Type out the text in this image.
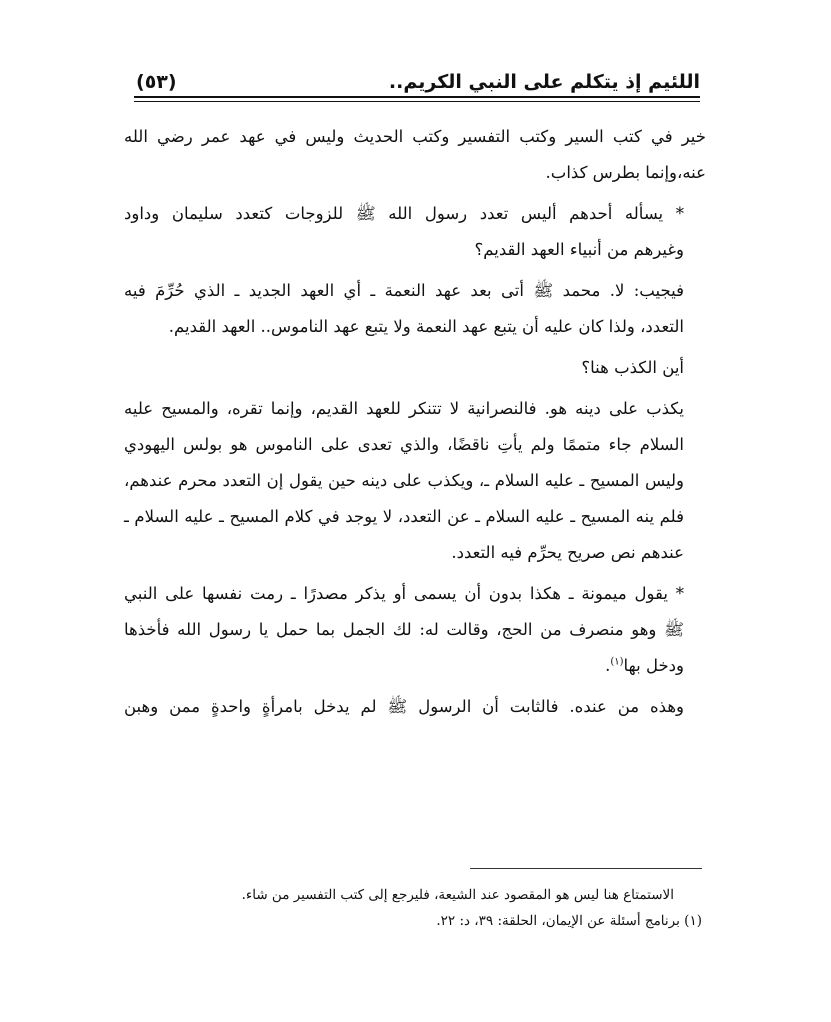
اللئيم إذ يتكلم على النبي الكريم..
(٥٣)

خير في كتب السير وكتب التفسير وكتب الحديث وليس في عهد عمر رضي الله
عنه،وإنما بطرس كذاب.

* يسأله أحدهم أليس تعدد رسول الله ﷺ للزوجات كتعدد سليمان وداود
وغيرهم من أنبياء العهد القديم؟

فيجيب: لا. محمد ﷺ أتى بعد عهد النعمة ـ أي العهد الجديد ـ الذي حُرِّمَ فيه
التعدد، ولذا كان عليه أن يتبع عهد النعمة ولا يتبع عهد الناموس.. العهد القديم.

أين الكذب هنا؟

يكذب على دينه هو. فالنصرانية لا تتنكر للعهد القديم، وإنما تقره، والمسيح عليه
السلام جاء متممًا ولم يأتِ ناقضًا، والذي تعدى على الناموس هو بولس اليهودي
وليس المسيح ـ عليه السلام ـ، ويكذب على دينه حين يقول إن التعدد محرم عندهم،
فلم ينه المسيح ـ عليه السلام ـ عن التعدد، لا يوجد في كلام المسيح ـ عليه السلام ـ
عندهم نص صريح يحرِّم فيه التعدد.

* يقول ميمونة ـ هكذا بدون أن يسمى أو يذكر مصدرًا ـ رمت نفسها على النبي
ﷺ وهو منصرف من الحج، وقالت له: لك الجمل بما حمل يا رسول الله فأخذها
ودخل بها$^{(١)}$.

وهذه من عنده. فالثابت أن الرسول ﷺ لم يدخل بامرأةٍ واحدةٍ ممن وهبن

الاستمتاع هنا ليس هو المقصود عند الشيعة، فليرجع إلى كتب التفسير من شاء.
(١) برنامج أسئلة عن الإيمان، الحلقة: ٣٩، د: ٢٢.
